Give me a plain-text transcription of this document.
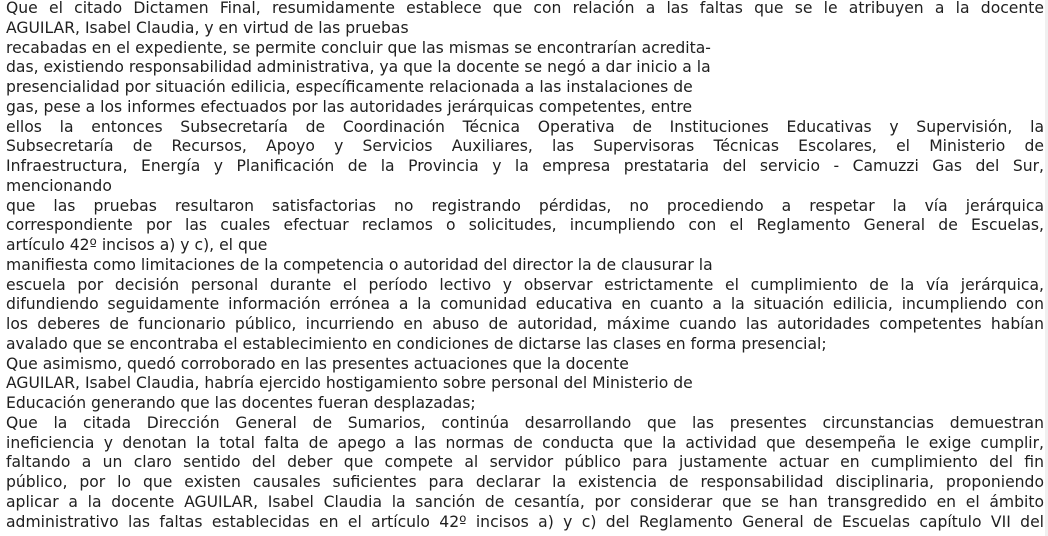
Que el citado Dictamen Final, resumidamente establece que con relación a las faltas que se le atribuyen a la docente
AGUILAR, Isabel Claudia, y en virtud de las pruebas
recabadas en el expediente, se permite concluir que las mismas se encontrarían acredita-
das, existiendo responsabilidad administrativa, ya que la docente se negó a dar inicio a la
presencialidad por situación edilicia, específicamente relacionada a las instalaciones de
gas, pese a los informes efectuados por las autoridades jerárquicas competentes, entre
ellos la entonces Subsecretaría de Coordinación Técnica Operativa de Instituciones Educativas y Supervisión, la
Subsecretaría de Recursos, Apoyo y Servicios Auxiliares, las Supervisoras Técnicas Escolares, el Ministerio de
Infraestructura, Energía y Planificación de la Provincia y la empresa prestataria del servicio - Camuzzi Gas del Sur,
mencionando
que las pruebas resultaron satisfactorias no registrando pérdidas, no procediendo a respetar la vía jerárquica
correspondiente por las cuales efectuar reclamos o solicitudes, incumpliendo con el Reglamento General de Escuelas,
artículo 42º incisos a) y c), el que
manifiesta como limitaciones de la competencia o autoridad del director la de clausurar la
escuela por decisión personal durante el período lectivo y observar estrictamente el cumplimiento de la vía jerárquica,
difundiendo seguidamente información errónea a la comunidad educativa en cuanto a la situación edilicia, incumpliendo con
los deberes de funcionario público, incurriendo en abuso de autoridad, máxime cuando las autoridades competentes habían
avalado que se encontraba el establecimiento en condiciones de dictarse las clases en forma presencial;
Que asimismo, quedó corroborado en las presentes actuaciones que la docente
AGUILAR, Isabel Claudia, habría ejercido hostigamiento sobre personal del Ministerio de
Educación generando que las docentes fueran desplazadas;
Que la citada Dirección General de Sumarios, continúa desarrollando que las presentes circunstancias demuestran
ineficiencia y denotan la total falta de apego a las normas de conducta que la actividad que desempeña le exige cumplir,
faltando a un claro sentido del deber que compete al servidor público para justamente actuar en cumplimiento del fin
público, por lo que existen causales suficientes para declarar la existencia de responsabilidad disciplinaria, proponiendo
aplicar a la docente AGUILAR, Isabel Claudia la sanción de cesantía, por considerar que se han transgredido en el ámbito
administrativo las faltas establecidas en el artículo 42º incisos a) y c) del Reglamento General de Escuelas capítulo VII del
